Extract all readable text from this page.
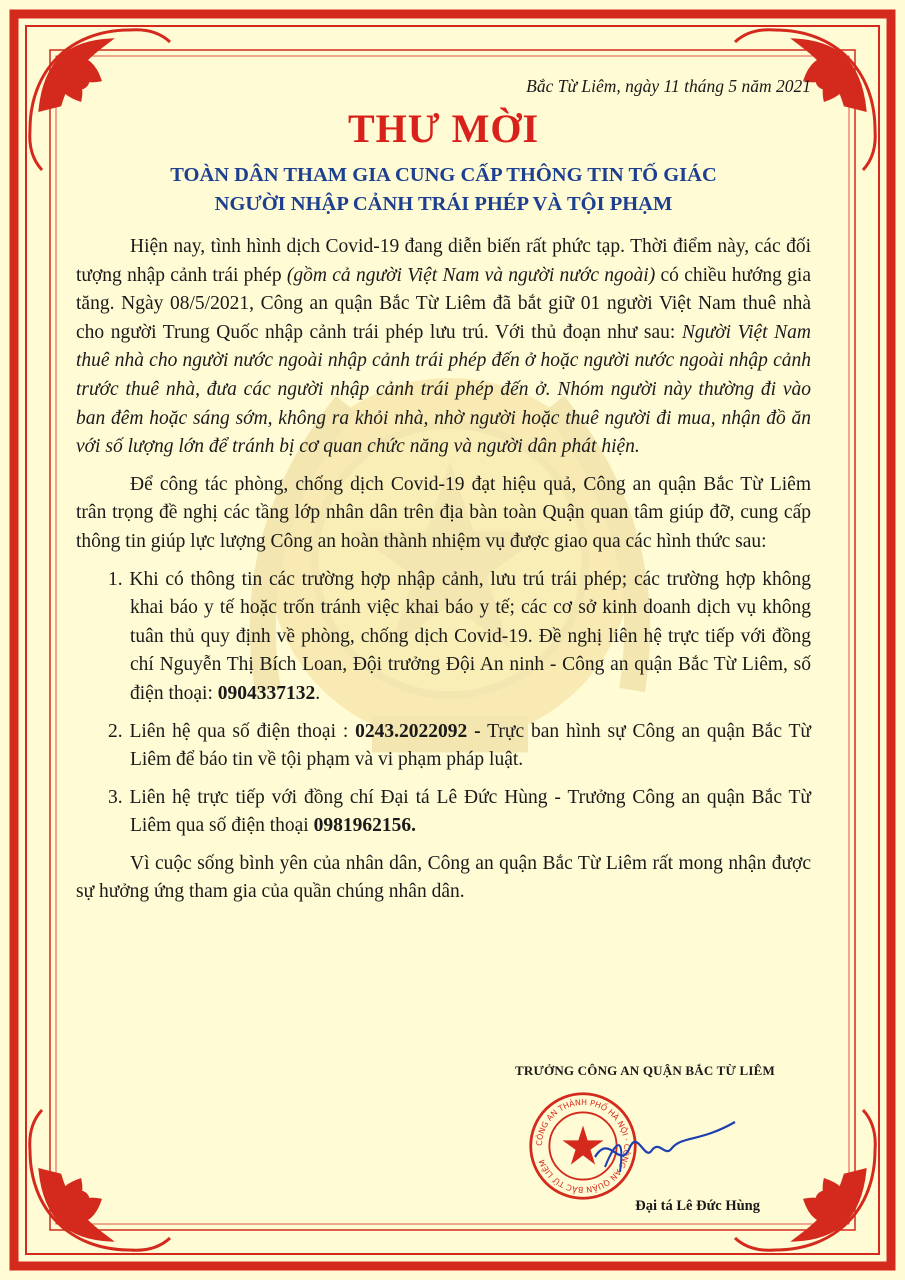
Bắc Từ Liêm, ngày 11 tháng 5 năm 2021
THƯ MỜI
TOÀN DÂN THAM GIA CUNG CẤP THÔNG TIN TỐ GIÁC
NGƯỜI NHẬP CẢNH TRÁI PHÉP VÀ TỘI PHẠM

Hiện nay, tình hình dịch Covid-19 đang diễn biến rất phức tạp. Thời điểm này, các đối tượng nhập cảnh trái phép (gồm cả người Việt Nam và người nước ngoài) có chiều hướng gia tăng. Ngày 08/5/2021, Công an quận Bắc Từ Liêm đã bắt giữ 01 người Việt Nam thuê nhà cho người Trung Quốc nhập cảnh trái phép lưu trú. Với thủ đoạn như sau: Người Việt Nam thuê nhà cho người nước ngoài nhập cảnh trái phép đến ở hoặc người nước ngoài nhập cảnh trước thuê nhà, đưa các người nhập cảnh trái phép đến ở. Nhóm người này thường đi vào ban đêm hoặc sáng sớm, không ra khỏi nhà, nhờ người hoặc thuê người đi mua, nhận đồ ăn với số lượng lớn để tránh bị cơ quan chức năng và người dân phát hiện.

Để công tác phòng, chống dịch Covid-19 đạt hiệu quả, Công an quận Bắc Từ Liêm trân trọng đề nghị các tầng lớp nhân dân trên địa bàn toàn Quận quan tâm giúp đỡ, cung cấp thông tin giúp lực lượng Công an hoàn thành nhiệm vụ được giao qua các hình thức sau:

1. Khi có thông tin các trường hợp nhập cảnh, lưu trú trái phép; các trường hợp không khai báo y tế hoặc trốn tránh việc khai báo y tế; các cơ sở kinh doanh dịch vụ không tuân thủ quy định về phòng, chống dịch Covid-19. Đề nghị liên hệ trực tiếp với đồng chí Nguyễn Thị Bích Loan, Đội trưởng Đội An ninh - Công an quận Bắc Từ Liêm, số điện thoại: 0904337132.

2. Liên hệ qua số điện thoại : 0243.2022092 - Trực ban hình sự Công an quận Bắc Từ Liêm để báo tin về tội phạm và vi phạm pháp luật.

3. Liên hệ trực tiếp với đồng chí Đại tá Lê Đức Hùng - Trưởng Công an quận Bắc Từ Liêm qua số điện thoại 0981962156.

Vì cuộc sống bình yên của nhân dân, Công an quận Bắc Từ Liêm rất mong nhận được sự hưởng ứng tham gia của quần chúng nhân dân.

TRƯỞNG CÔNG AN QUẬN BẮC TỪ LIÊM
CÔNG AN THÀNH PHỐ HÀ NỘI · CÔNG AN QUẬN BẮC TỪ LIÊM
Đại tá Lê Đức Hùng
